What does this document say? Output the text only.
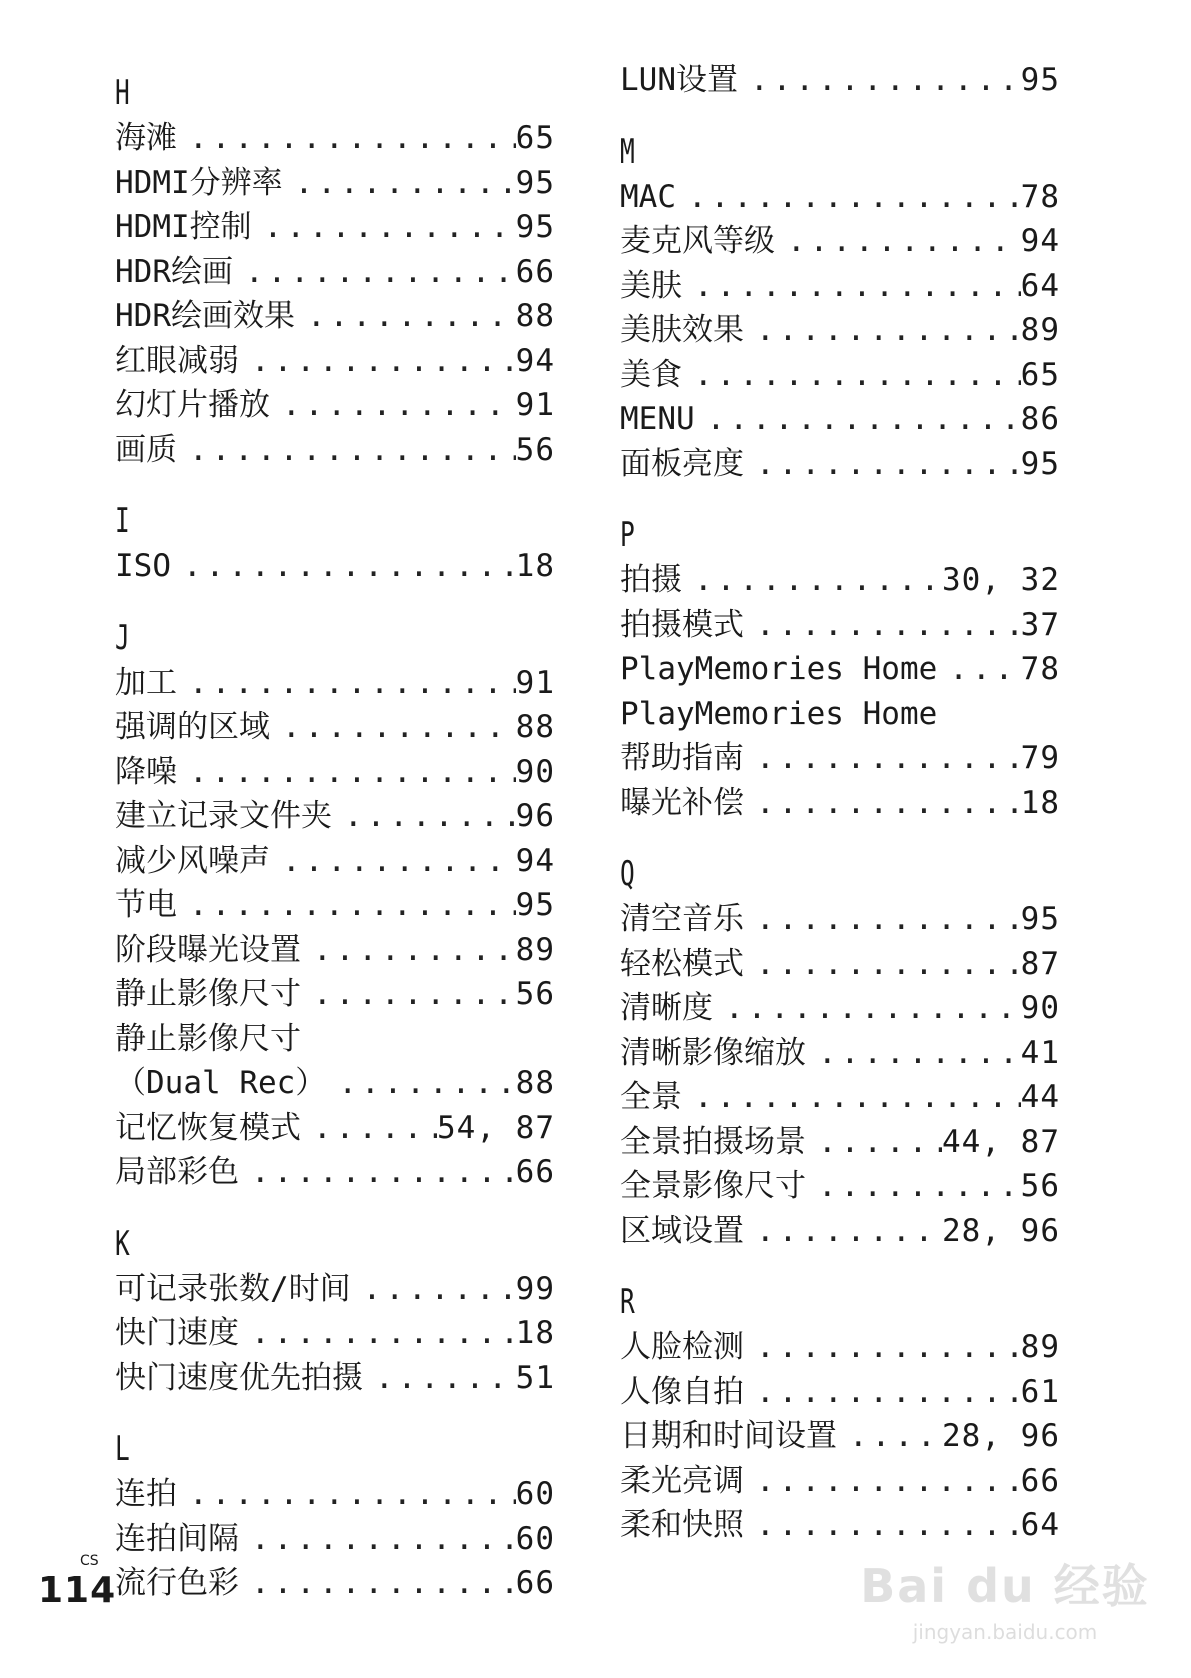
H
海滩 .....	65
HDMI分辨率 .....	95
HDMI控制 .....	95
HDR绘画 .....	66
HDR绘画效果 .....	88
红眼减弱 .....	94
幻灯片播放 .....	91
画质 .....	56
I
ISO .....	18
J
加工 .....	91
强调的区域 .....	88
降噪 .....	90
建立记录文件夹 .....	96
减少风噪声 .....	94
节电 .....	95
阶段曝光设置 .....	89
静止影像尺寸 .....	56
静止影像尺寸
（Dual Rec） .....	88
记忆恢复模式 .....	54, 87
局部彩色 .....	66
K
可记录张数/时间 .....	99
快门速度 .....	18
快门速度优先拍摄 .....	51
L
连拍 .....	60
连拍间隔 .....	60
流行色彩 .....	66
LUN设置 .....	95
M
MAC .....	78
麦克风等级 .....	94
美肤 .....	64
美肤效果 .....	89
美食 .....	65
MENU .....	86
面板亮度 .....	95
P
拍摄 .....	30, 32
拍摄模式 .....	37
PlayMemories Home .....	78
PlayMemories Home
帮助指南 .....	79
曝光补偿 .....	18
Q
清空音乐 .....	95
轻松模式 .....	87
清晰度 .....	90
清晰影像缩放 .....	41
全景 .....	44
全景拍摄场景 .....	44, 87
全景影像尺寸 .....	56
区域设置 .....	28, 96
R
人脸检测 .....	89
人像自拍 .....	61
日期和时间设置 .....	28, 96
柔光亮调 .....	66
柔和快照 .....	64
CS
114	Bai du 经验
jingyan.baidu.com
